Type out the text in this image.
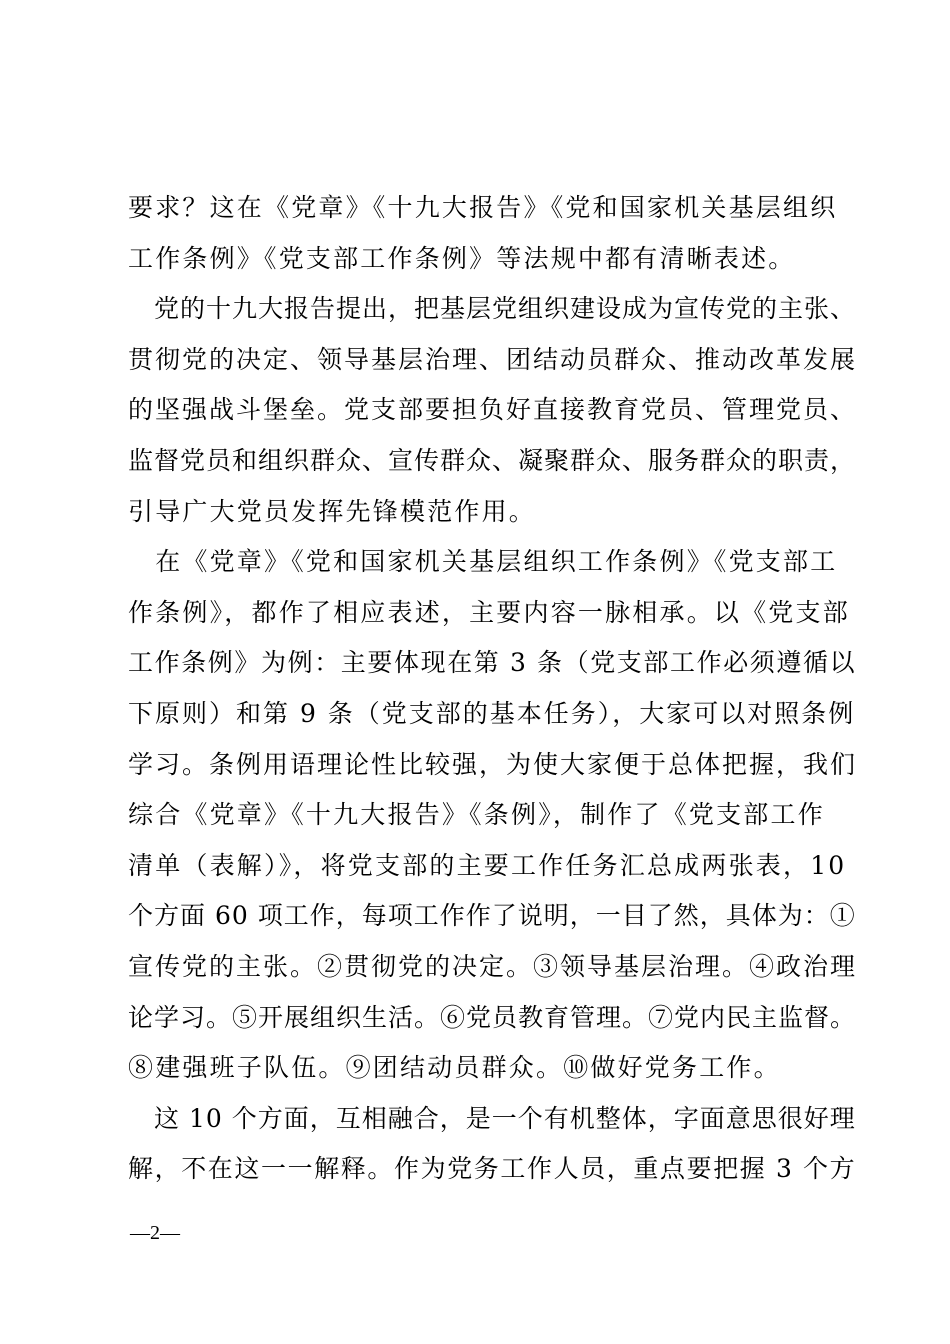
要求？这在《党章》《十九大报告》《党和国家机关基层组织
工作条例》《党支部工作条例》等法规中都有清晰表述。
　党的十九大报告提出，把基层党组织建设成为宣传党的主张、
贯彻党的决定、领导基层治理、团结动员群众、推动改革发展
的坚强战斗堡垒。党支部要担负好直接教育党员、管理党员、
监督党员和组织群众、宣传群众、凝聚群众、服务群众的职责，
引导广大党员发挥先锋模范作用。
　在《党章》《党和国家机关基层组织工作条例》《党支部工
作条例》，都作了相应表述，主要内容一脉相承。以《党支部
工作条例》为例：主要体现在第 3 条（党支部工作必须遵循以
下原则）和第 9 条（党支部的基本任务），大家可以对照条例
学习。条例用语理论性比较强，为使大家便于总体把握，我们
综合《党章》《十九大报告》《条例》，制作了《党支部工作
清单（表解）》，将党支部的主要工作任务汇总成两张表，10
个方面 60 项工作，每项工作作了说明，一目了然，具体为：①
宣传党的主张。②贯彻党的决定。③领导基层治理。④政治理
论学习。⑤开展组织生活。⑥党员教育管理。⑦党内民主监督。
⑧建强班子队伍。⑨团结动员群众。⑩做好党务工作。
　这 10 个方面，互相融合，是一个有机整体，字面意思很好理
解，不在这一一解释。作为党务工作人员，重点要把握 3 个方
—2—
